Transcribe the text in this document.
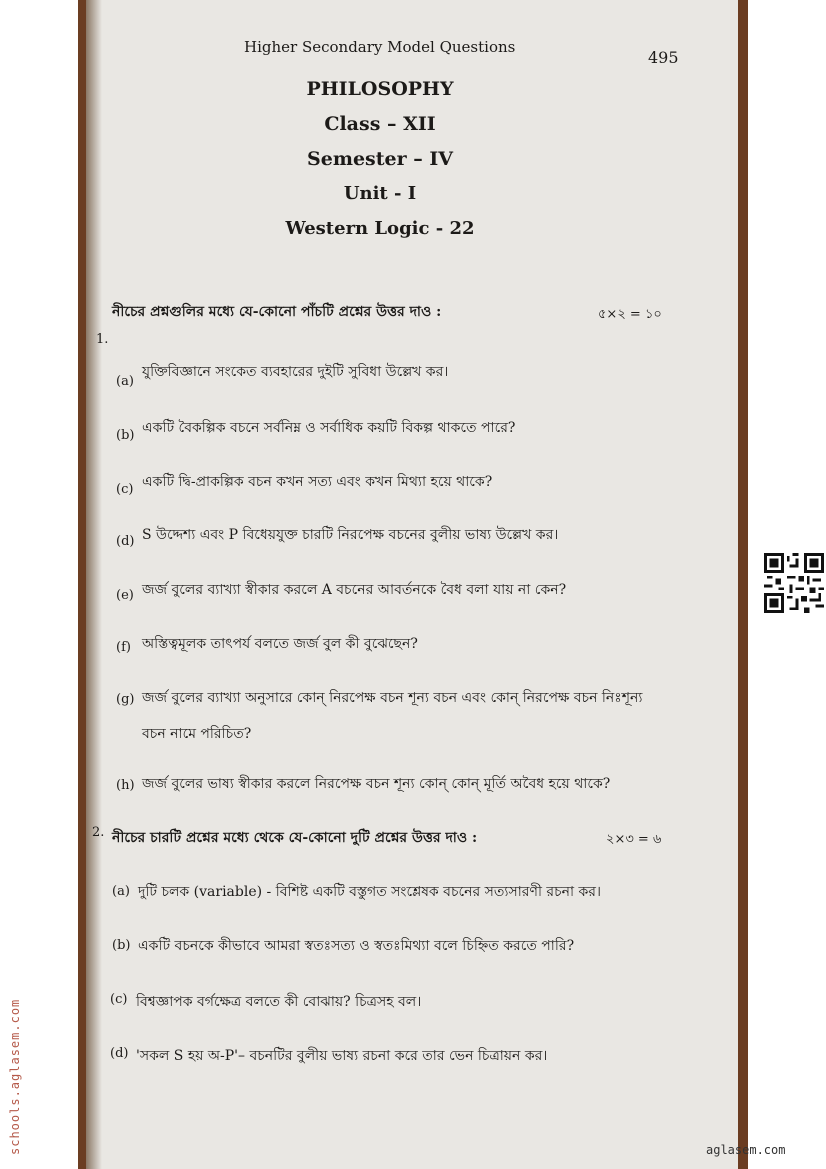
Higher Secondary Model Questions
495
PHILOSOPHY
Class – XII
Semester – IV
Unit - I
Western Logic - 22
1.
নীচের প্রশ্নগুলির মধ্যে যে-কোনো পাঁচটি প্রশ্নের উত্তর দাও :	৫×২ = ১০
(a)
যুক্তিবিজ্ঞানে সংকেত ব্যবহারের দুইটি সুবিধা উল্লেখ কর।
(b) একটি বৈকল্পিক বচনে সর্বনিম্ন ও সর্বাধিক কয়টি বিকল্প থাকতে পারে?
(c) একটি দ্বি-প্রাকল্পিক বচন কখন সত্য এবং কখন মিথ্যা হয়ে থাকে?
(d) S উদ্দেশ্য এবং P বিধেয়যুক্ত চারটি নিরপেক্ষ বচনের বুলীয় ভাষ্য উল্লেখ কর।
(e) জর্জ বুলের ব্যাখ্যা স্বীকার করলে A বচনের আবর্তনকে বৈধ বলা যায় না কেন?
(f) অস্তিত্বমূলক তাৎপর্য বলতে জর্জ বুল কী বুঝেছেন?
(g) জর্জ বুলের ব্যাখ্যা অনুসারে কোন্ নিরপেক্ষ বচন শূন্য বচন এবং কোন্ নিরপেক্ষ বচন নিঃশূন্য
বচন নামে পরিচিত?
(h) জর্জ বুলের ভাষ্য স্বীকার করলে নিরপেক্ষ বচন শূন্য কোন্ কোন্ মূর্তি অবৈধ হয়ে থাকে?
2. নীচের চারটি প্রশ্নের মধ্যে থেকে যে-কোনো দুটি প্রশ্নের উত্তর দাও :	২×৩ = ৬
(a) দুটি চলক (variable) - বিশিষ্ট একটি বস্তুগত সংশ্লেষক বচনের সত্যসারণী রচনা কর।
(b) একটি বচনকে কীভাবে আমরা স্বতঃসত্য ও স্বতঃমিথ্যা বলে চিহ্নিত করতে পারি?
(c) বিশ্বজ্ঞাপক বর্গক্ষেত্র বলতে কী বোঝায়? চিত্রসহ বল।
(d) 'সকল S হয় অ-P'– বচনটির বুলীয় ভাষ্য রচনা করে তার ভেন চিত্রায়ন কর।
schools.aglasem.com	aglasem.com
